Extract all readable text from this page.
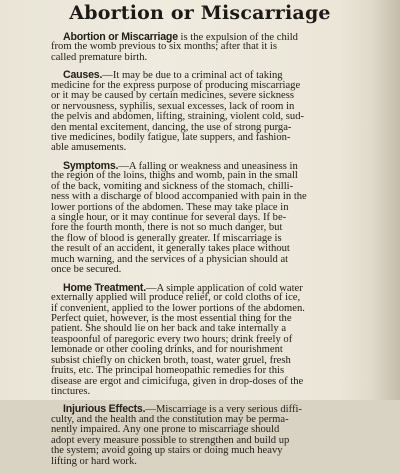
Abortion or Miscarriage
Abortion or Miscarriage is the expulsion of the child
from the womb previous to six months; after that it is
called premature birth.
Causes.—It may be due to a criminal act of taking
medicine for the express purpose of producing miscarriage
or it may be caused by certain medicines, severe sickness
or nervousness, syphilis, sexual excesses, lack of room in
the pelvis and abdomen, lifting, straining, violent cold, sud-
den mental excitement, dancing, the use of strong purga-
tive medicines, bodily fatigue, late suppers, and fashion-
able amusements.
Symptoms.—A falling or weakness and uneasiness in
the region of the loins, thighs and womb, pain in the small
of the back, vomiting and sickness of the stomach, chilli-
ness with a discharge of blood accompanied with pain in the
lower portions of the abdomen. These may take place in
a single hour, or it may continue for several days. If be-
fore the fourth month, there is not so much danger, but
the flow of blood is generally greater. If miscarriage is
the result of an accident, it generally takes place without
much warning, and the services of a physician should at
once be secured.
Home Treatment.—A simple application of cold water
externally applied will produce relief, or cold cloths of ice,
if convenient, applied to the lower portions of the abdomen.
Perfect quiet, however, is the most essential thing for the
patient. She should lie on her back and take internally a
teaspoonful of paregoric every two hours; drink freely of
lemonade or other cooling drinks, and for nourishment
subsist chiefly on chicken broth, toast, water gruel, fresh
fruits, etc. The principal homeopathic remedies for this
disease are ergot and cimicifuga, given in drop-doses of the
tinctures.
Injurious Effects.—Miscarriage is a very serious diffi-
culty, and the health and the constitution may be perma-
nently impaired. Any one prone to miscarriage should
adopt every measure possible to strengthen and build up
the system; avoid going up stairs or doing much heavy
lifting or hard work.
